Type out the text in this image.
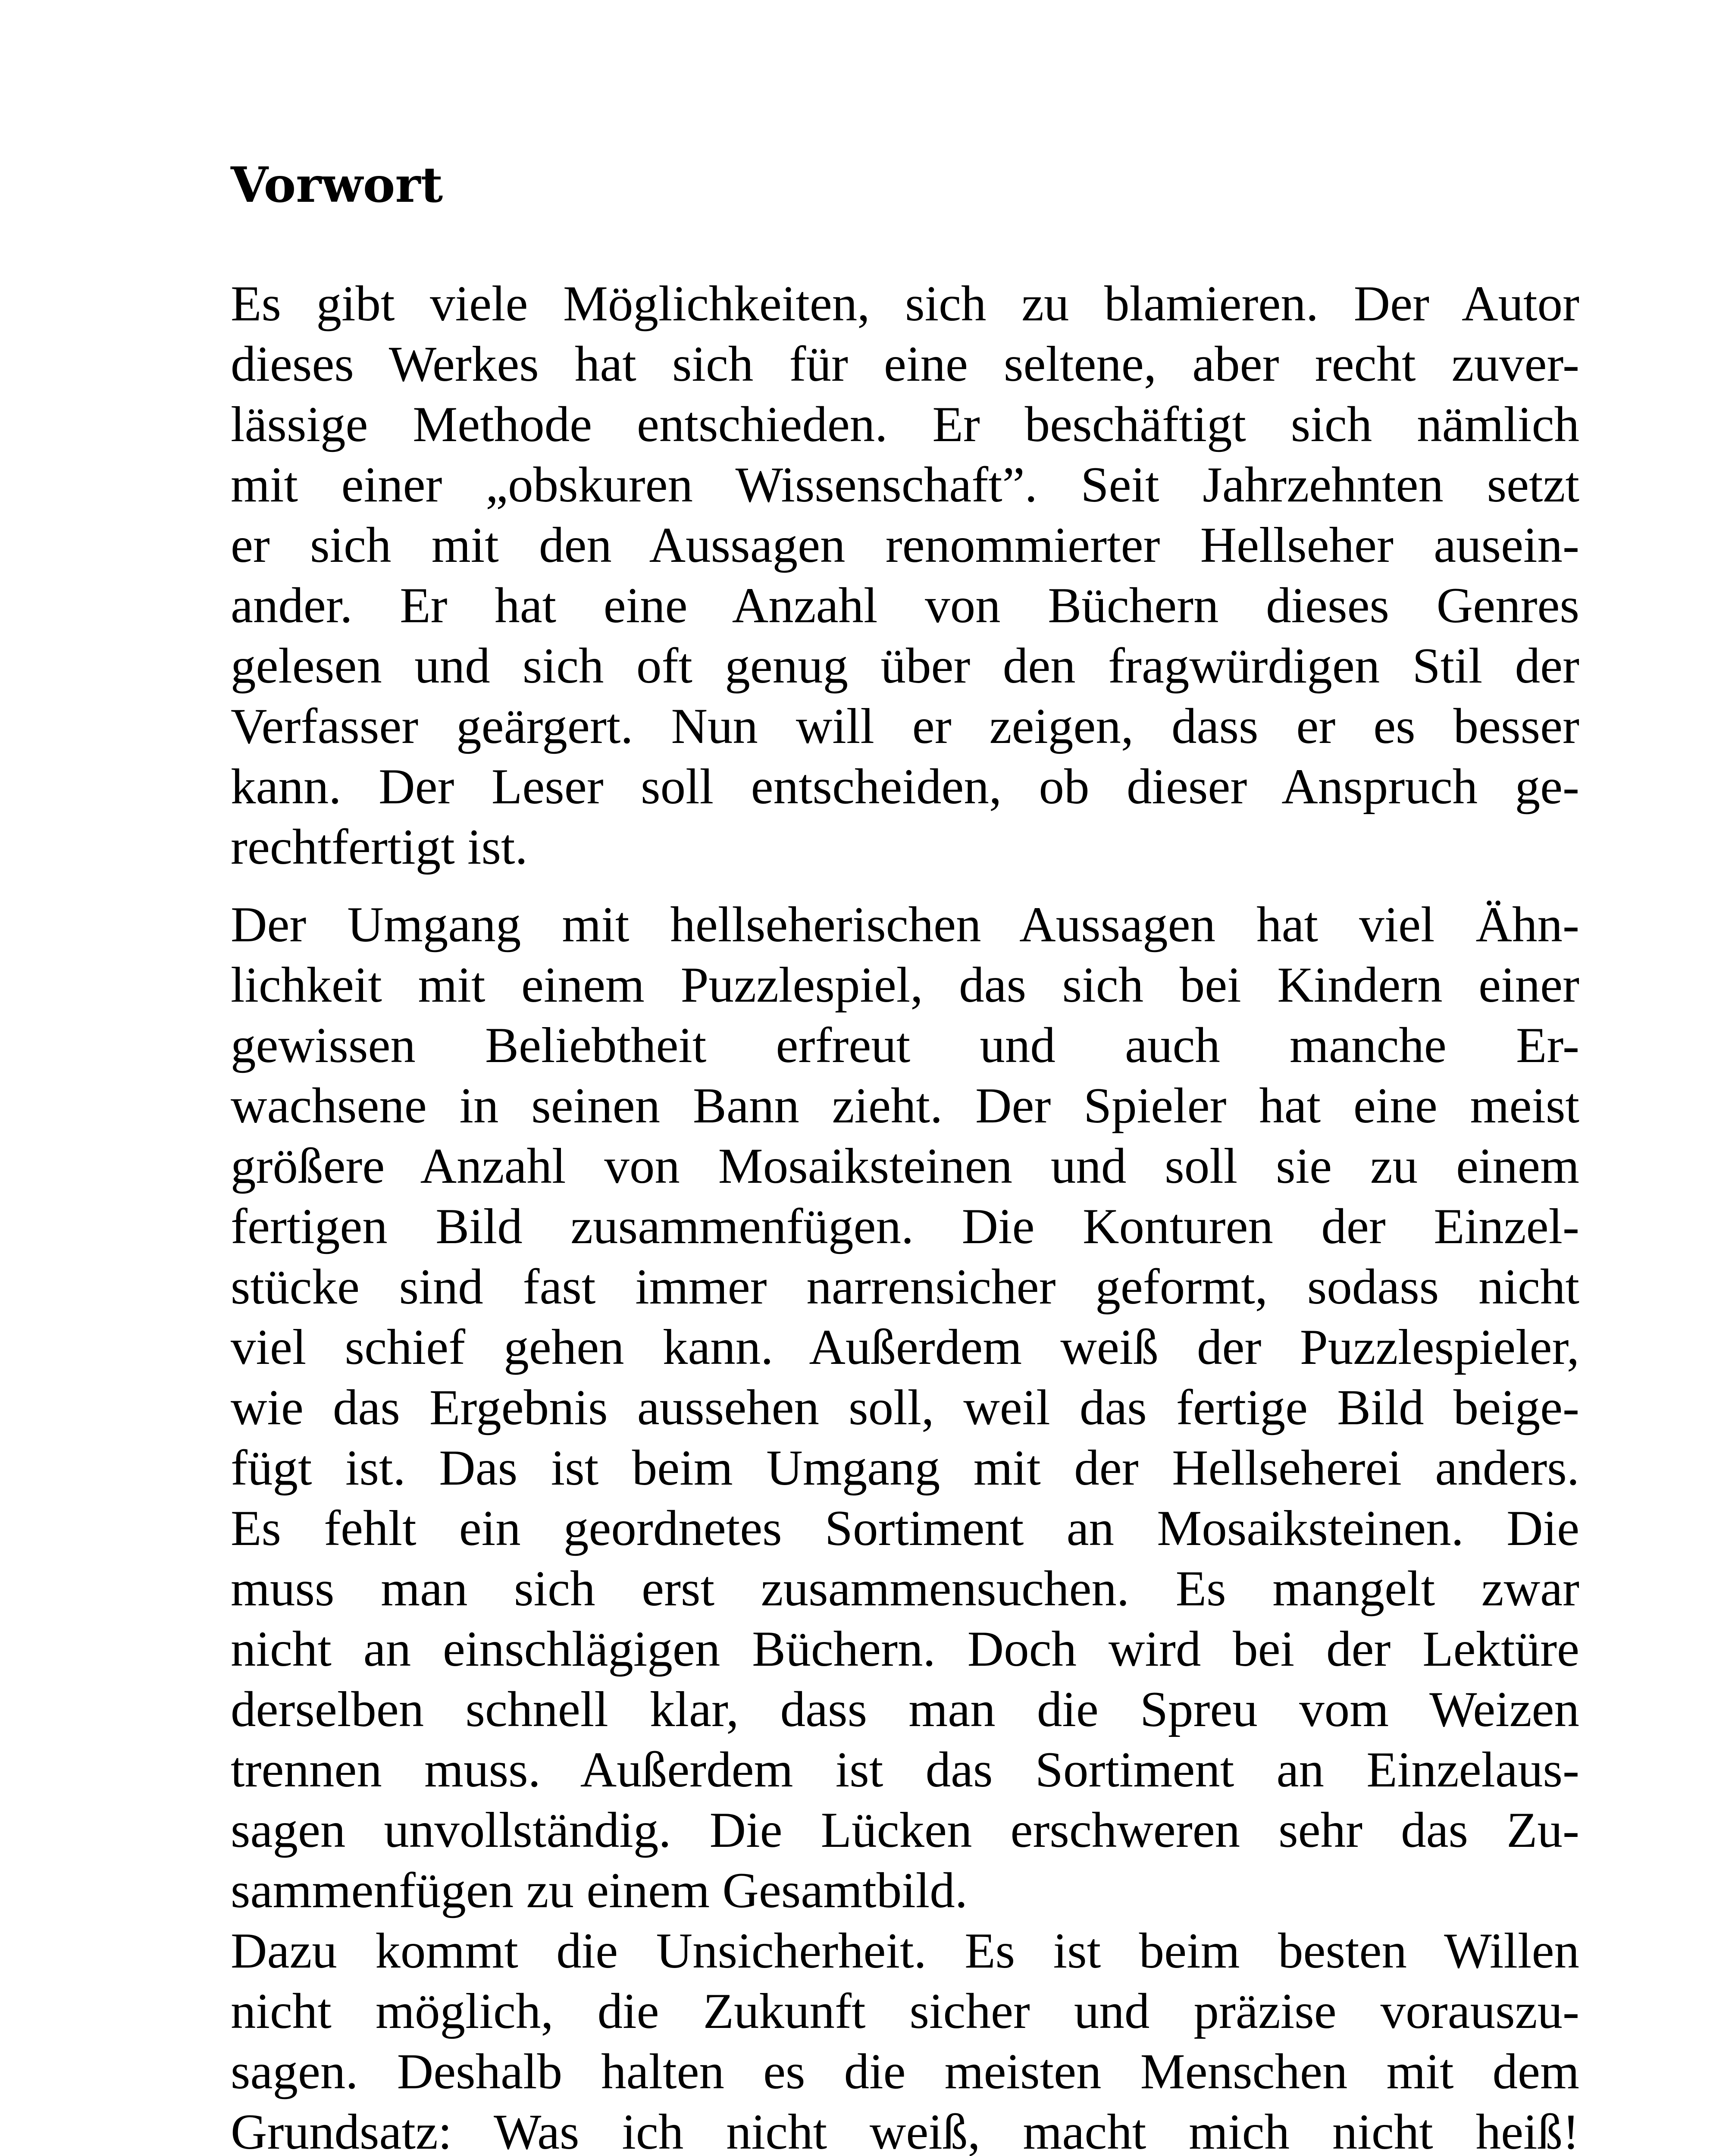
Vorwort

Es gibt viele Möglichkeiten, sich zu blamieren. Der Autor
dieses Werkes hat sich für eine seltene, aber recht zuver-
lässige Methode entschieden. Er beschäftigt sich nämlich
mit einer „obskuren Wissenschaft”. Seit Jahrzehnten setzt
er sich mit den Aussagen renommierter Hellseher ausein-
ander. Er hat eine Anzahl von Büchern dieses Genres
gelesen und sich oft genug über den fragwürdigen Stil der
Verfasser geärgert. Nun will er zeigen, dass er es besser
kann. Der Leser soll entscheiden, ob dieser Anspruch ge-
rechtfertigt ist.

Der Umgang mit hellseherischen Aussagen hat viel Ähn-
lichkeit mit einem Puzzlespiel, das sich bei Kindern einer
gewissen Beliebtheit erfreut und auch manche Er-
wachsene in seinen Bann zieht. Der Spieler hat eine meist
größere Anzahl von Mosaiksteinen und soll sie zu einem
fertigen Bild zusammenfügen. Die Konturen der Einzel-
stücke sind fast immer narrensicher geformt, sodass nicht
viel schief gehen kann. Außerdem weiß der Puzzlespieler,
wie das Ergebnis aussehen soll, weil das fertige Bild beige-
fügt ist. Das ist beim Umgang mit der Hellseherei anders.
Es fehlt ein geordnetes Sortiment an Mosaiksteinen. Die
muss man sich erst zusammensuchen. Es mangelt zwar
nicht an einschlägigen Büchern. Doch wird bei der Lektüre
derselben schnell klar, dass man die Spreu vom Weizen
trennen muss. Außerdem ist das Sortiment an Einzelaus-
sagen unvollständig. Die Lücken erschweren sehr das Zu-
sammenfügen zu einem Gesamtbild.

Dazu kommt die Unsicherheit. Es ist beim besten Willen
nicht möglich, die Zukunft sicher und präzise vorauszu-
sagen. Deshalb halten es die meisten Menschen mit dem
Grundsatz: Was ich nicht weiß, macht mich nicht heiß!
